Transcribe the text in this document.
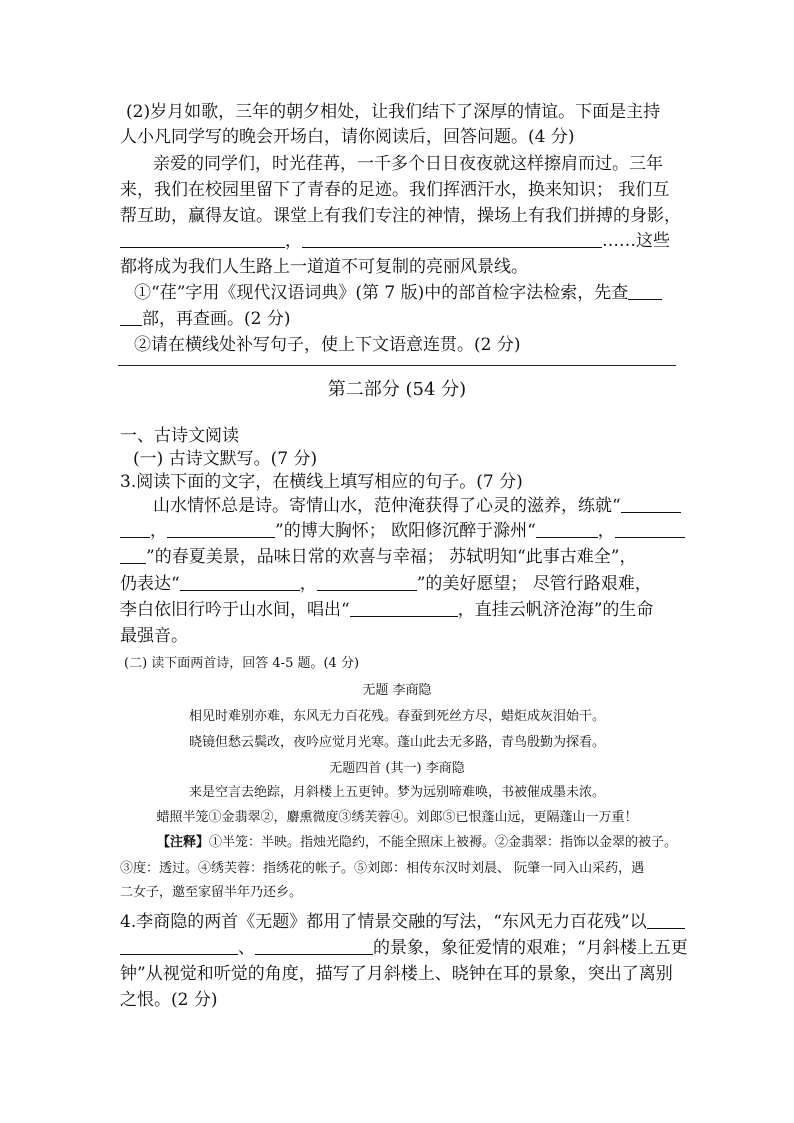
(2)岁月如歌，三年的朝夕相处，让我们结下了深厚的情谊。下面是主持
人小凡同学写的晚会开场白，请你阅读后，回答问题。(4 分)
亲爱的同学们，时光荏苒，一千多个日日夜夜就这样擦肩而过。三年
来，我们在校园里留下了青春的足迹。我们挥洒汗水，换来知识； 我们互
帮互助，赢得友谊。课堂上有我们专注的神情，操场上有我们拼搏的身影，
，	……这些
都将成为我们人生路上一道道不可复制的亮丽风景线。
①“荏”字用《现代汉语词典》(第 7 版)中的部首检字法检索，先查
部，再查画。(2 分)
②请在横线处补写句子，使上下文语意连贯。(2 分)
第二部分 (54 分)
一、古诗文阅读
(一) 古诗文默写。(7 分)
3.阅读下面的文字，在横线上填写相应的句子。(7 分)
山水情怀总是诗。寄情山水，范仲淹获得了心灵的滋养，练就“
，	”的博大胸怀； 欧阳修沉醉于滁州“	，
”的春夏美景，品味日常的欢喜与幸福； 苏轼明知“此事古难全”，
仍表达“	，	”的美好愿望； 尽管行路艰难，
李白依旧行吟于山水间，唱出“	，直挂云帆济沧海”的生命
最强音。
(二) 读下面两首诗，回答 4-5 题。(4 分)
无题 李商隐
相见时难别亦难，东风无力百花残。春蚕到死丝方尽，蜡炬成灰泪始干。
晓镜但愁云鬓改，夜吟应觉月光寒。蓬山此去无多路，青鸟殷勤为探看。
无题四首 (其一) 李商隐
来是空言去绝踪，月斜楼上五更钟。梦为远别啼难唤，书被催成墨未浓。
蜡照半笼①金翡翠②，麝熏微度③绣芙蓉④。刘郎⑤已恨蓬山远，更隔蓬山一万重！
【注释】①半笼：半映。指烛光隐约，不能全照床上被褥。②金翡翠：指饰以金翠的被子。
③度：透过。④绣芙蓉：指绣花的帐子。⑤刘郎：相传东汉时刘晨、 阮肇一同入山采药，遇
二女子，邀至家留半年乃还乡。
4.李商隐的两首《无题》都用了情景交融的写法，“东风无力百花残”以
、	的景象，象征爱情的艰难；“月斜楼上五更
钟”从视觉和听觉的角度，描写了月斜楼上、晓钟在耳的景象，突出了离别
之恨。(2 分)
